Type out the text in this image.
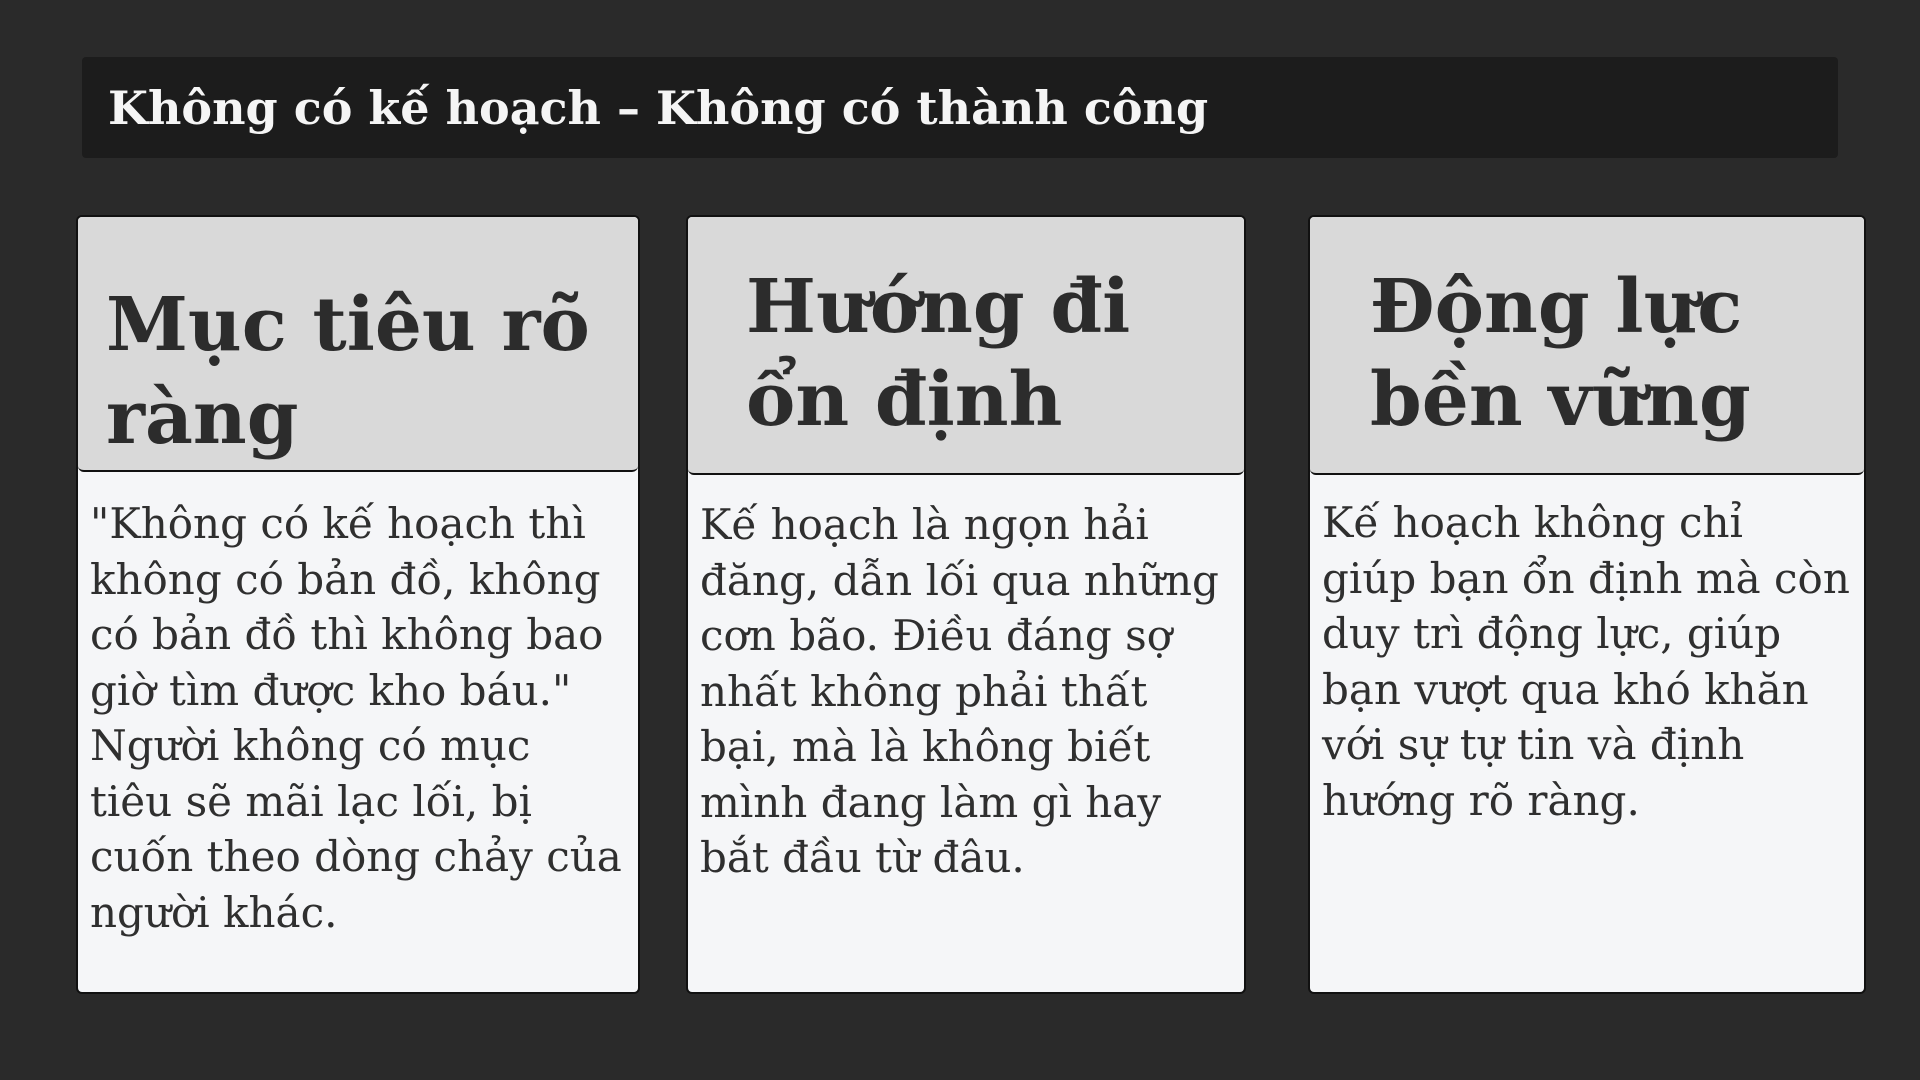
Không có kế hoạch – Không có thành công
Mục tiêu rõ ràng

"Không có kế hoạch thì không có bản đồ, không có bản đồ thì không bao giờ tìm được kho báu." Người không có mục tiêu sẽ mãi lạc lối, bị cuốn theo dòng chảy của người khác.

Hướng đi ổn định

Kế hoạch là ngọn hải đăng, dẫn lối qua những cơn bão. Điều đáng sợ nhất không phải thất bại, mà là không biết mình đang làm gì hay bắt đầu từ đâu.

Động lực bền vững

Kế hoạch không chỉ giúp bạn ổn định mà còn duy trì động lực, giúp bạn vượt qua khó khăn với sự tự tin và định hướng rõ ràng.
